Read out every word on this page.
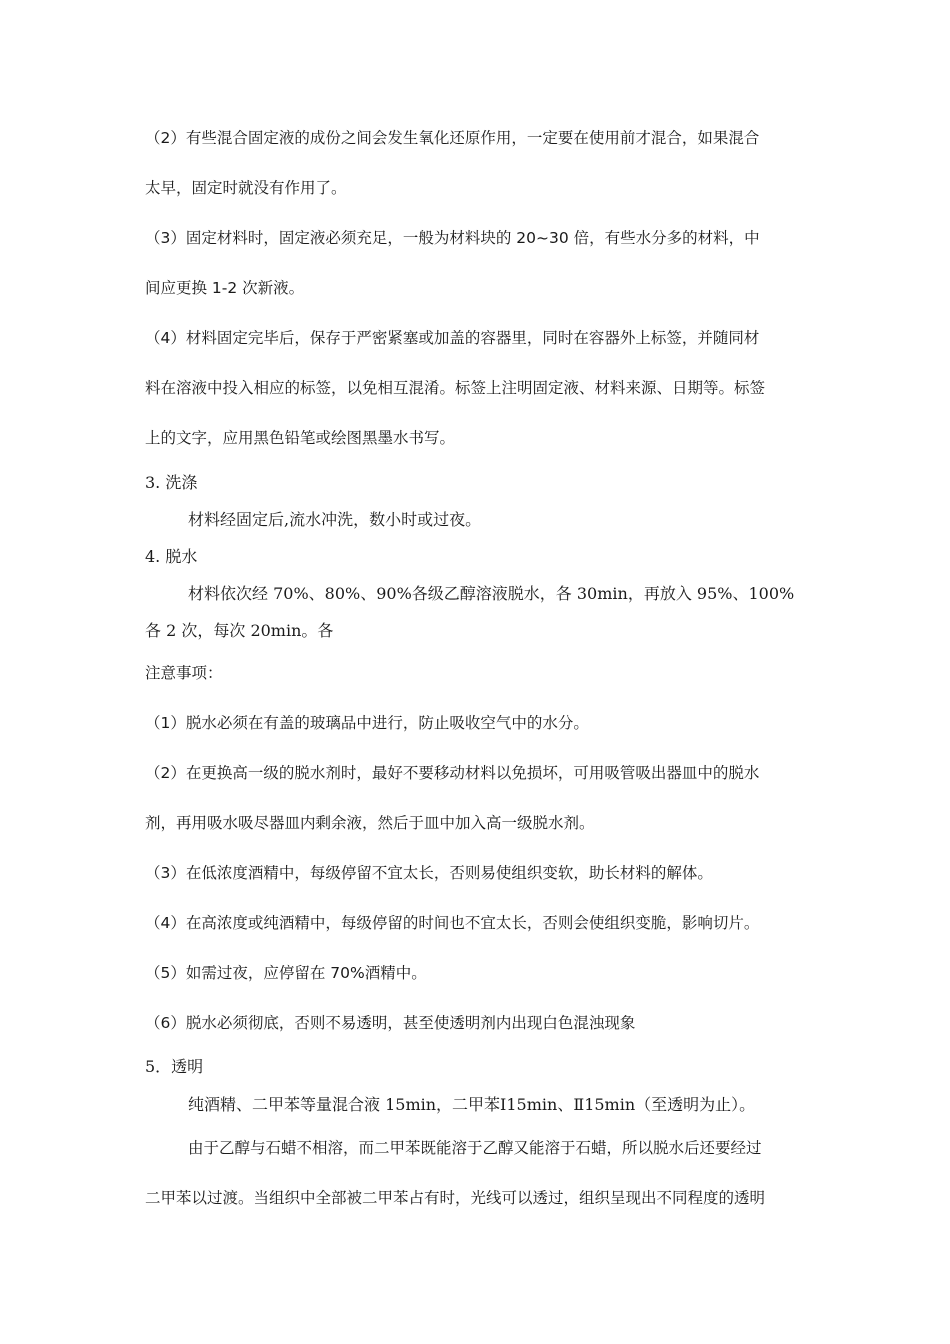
（2）有些混合固定液的成份之间会发生氧化还原作用，一定要在使用前才混合，如果混合
太早，固定时就没有作用了。
（3）固定材料时，固定液必须充足，一般为材料块的 20~30 倍，有些水分多的材料，中
间应更换 1-2 次新液。
（4）材料固定完毕后，保存于严密紧塞或加盖的容器里，同时在容器外上标签，并随同材
料在溶液中投入相应的标签，以免相互混淆。标签上注明固定液、材料来源、日期等。标签
上的文字，应用黑色铅笔或绘图黑墨水书写。
3. 洗涤
材料经固定后,流水冲洗，数小时或过夜。
4. 脱水
材料依次经 70%、80%、90%各级乙醇溶液脱水，各 30min，再放入 95%、100%
各 2 次，每次 20min。各
注意事项：
（1）脱水必须在有盖的玻璃品中进行，防止吸收空气中的水分。
（2）在更换高一级的脱水剂时，最好不要移动材料以免损坏，可用吸管吸出器皿中的脱水
剂，再用吸水吸尽器皿内剩余液，然后于皿中加入高一级脱水剂。
（3）在低浓度酒精中，每级停留不宜太长，否则易使组织变软，助长材料的解体。
（4）在高浓度或纯酒精中，每级停留的时间也不宜太长，否则会使组织变脆，影响切片。
（5）如需过夜，应停留在 70%酒精中。
（6）脱水必须彻底，否则不易透明，甚至使透明剂内出现白色混浊现象
5．透明
纯酒精、二甲苯等量混合液 15min，二甲苯Ⅰ15min、Ⅱ15min（至透明为止）。
由于乙醇与石蜡不相溶，而二甲苯既能溶于乙醇又能溶于石蜡，所以脱水后还要经过
二甲苯以过渡。当组织中全部被二甲苯占有时，光线可以透过，组织呈现出不同程度的透明
